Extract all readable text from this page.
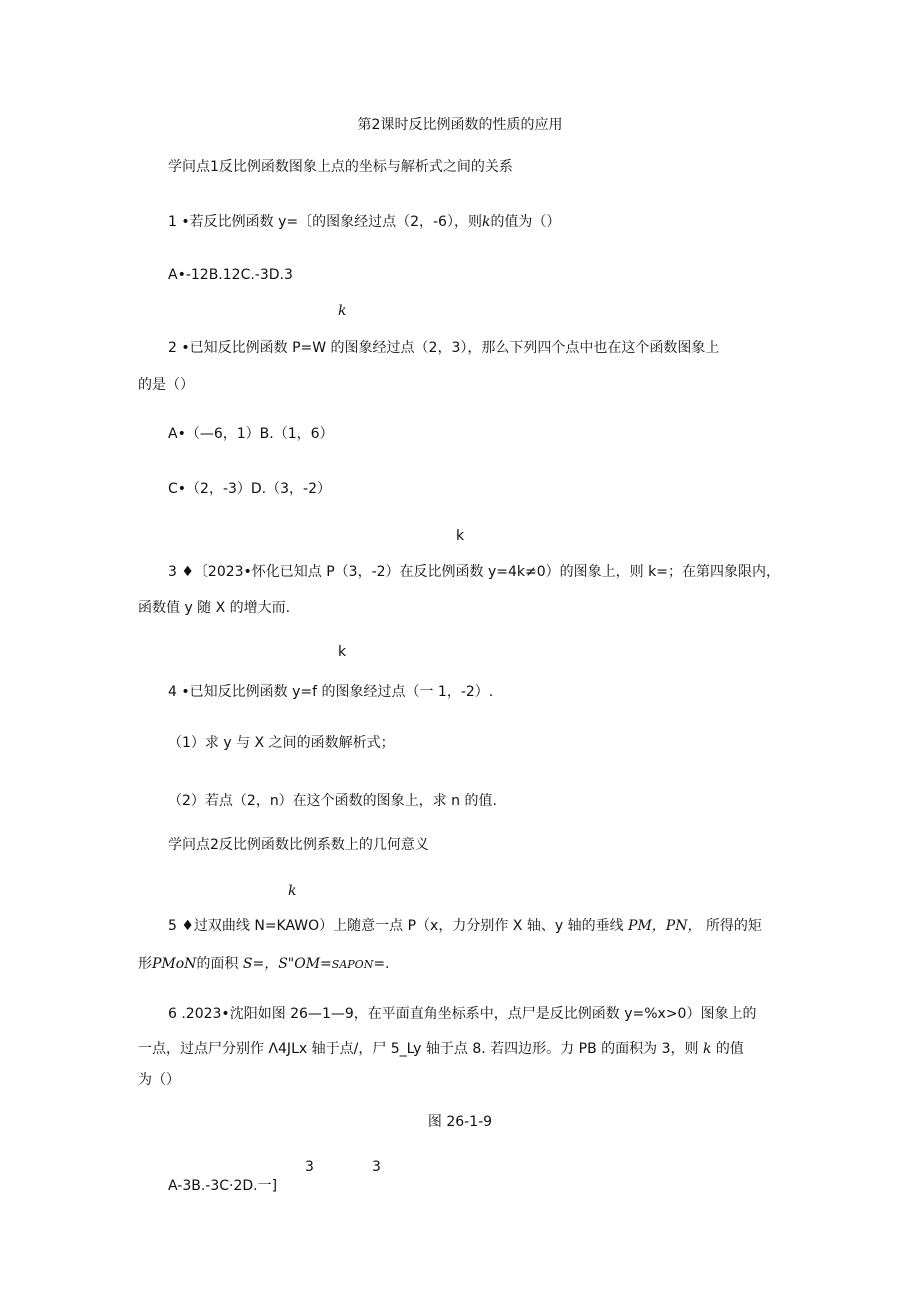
第2课时反比例函数的性质的应用
学问点1反比例函数图象上点的坐标与解析式之间的关系
1 •若反比例函数 y=〔的图象经过点（2，-6），则k的值为（）
A•-12B.12C.-3D.3
k
2 •已知反比例函数 P=W 的图象经过点（2，3），那么下列四个点中也在这个函数图象上
的是（）
A•（—6，1）B.（1，6）
C•（2，-3）D.（3，-2）
k
3 ♦〔2023•怀化已知点 P（3，-2）在反比例函数 y=4k≠0）的图象上，则 k=；在第四象限内，
函数值 y 随 X 的增大而.
k
4 •已知反比例函数 y=f 的图象经过点（一 1，-2）.
（1）求 y 与 X 之间的函数解析式；
（2）若点（2，n）在这个函数的图象上，求 n 的值.
学问点2反比例函数比例系数上的几何意义
k
5 ♦过双曲线 N=KAWO）上随意一点 P（x，力分别作 X 轴、y 轴的垂线 PM，PN， 所得的矩
形PMoN的面积 S=，S"OM=SAPON=.
6 .2023•沈阳如图 26—1—9，在平面直角坐标系中，点尸是反比例函数 y=%x>0）图象上的
一点，过点尸分别作 Λ4JLx 轴于点/，尸 5_Ly 轴于点 8. 若四边形。力 PB 的面积为 3，则 k 的值
为（）
图 26-1-9
3	3
A-3B.-3C·2D.一]
